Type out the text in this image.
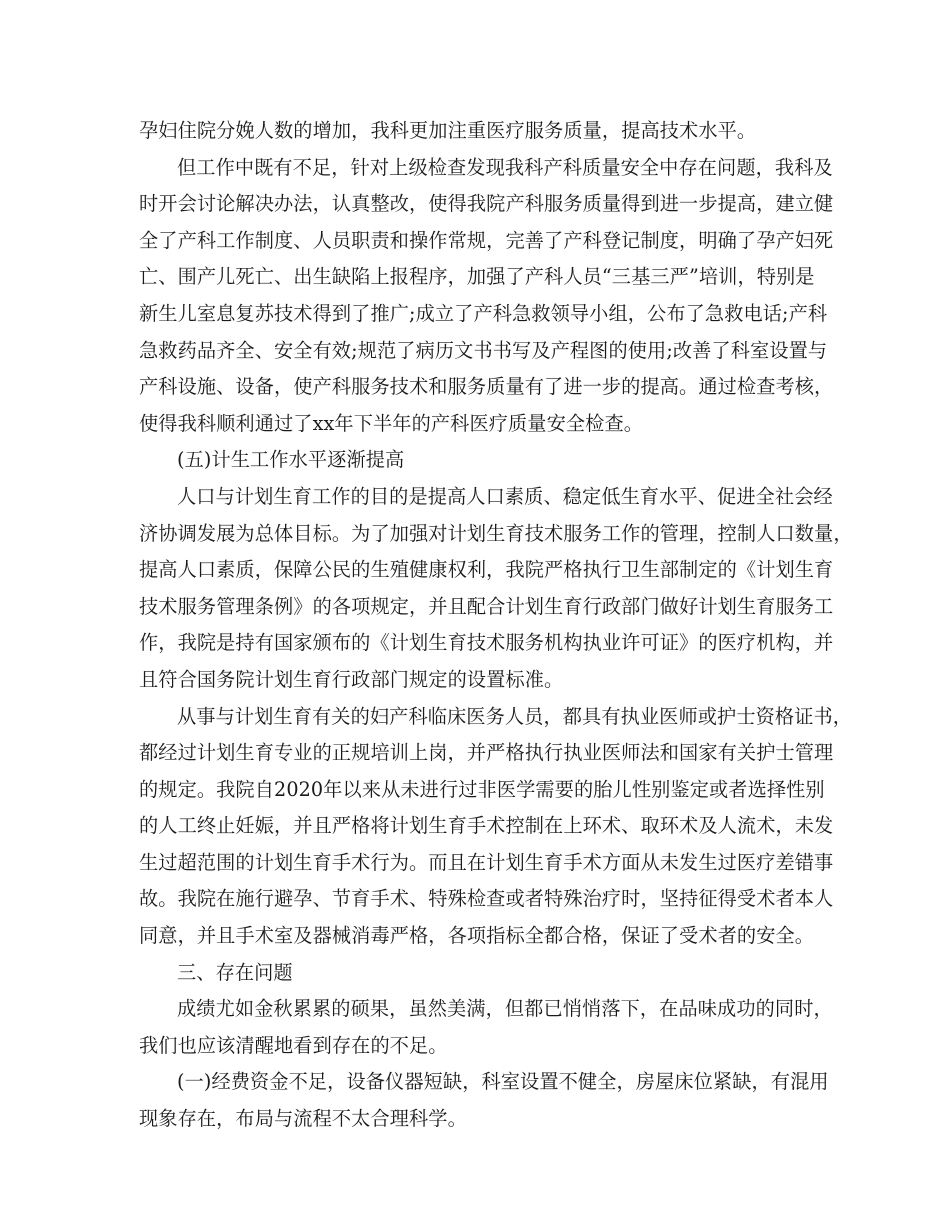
孕妇住院分娩人数的增加，我科更加注重医疗服务质量，提高技术水平。
但工作中既有不足，针对上级检查发现我科产科质量安全中存在问题，我科及
时开会讨论解决办法，认真整改，使得我院产科服务质量得到进一步提高，建立健
全了产科工作制度、人员职责和操作常规，完善了产科登记制度，明确了孕产妇死
亡、围产儿死亡、出生缺陷上报程序，加强了产科人员“三基三严”培训，特别是
新生儿室息复苏技术得到了推广;成立了产科急救领导小组，公布了急救电话;产科
急救药品齐全、安全有效;规范了病历文书书写及产程图的使用;改善了科室设置与
产科设施、设备，使产科服务技术和服务质量有了进一步的提高。通过检查考核，
使得我科顺利通过了xx年下半年的产科医疗质量安全检查。
(五)计生工作水平逐渐提高
人口与计划生育工作的目的是提高人口素质、稳定低生育水平、促进全社会经
济协调发展为总体目标。为了加强对计划生育技术服务工作的管理，控制人口数量，
提高人口素质，保障公民的生殖健康权利，我院严格执行卫生部制定的《计划生育
技术服务管理条例》的各项规定，并且配合计划生育行政部门做好计划生育服务工
作，我院是持有国家颁布的《计划生育技术服务机构执业许可证》的医疗机构，并
且符合国务院计划生育行政部门规定的设置标准。
从事与计划生育有关的妇产科临床医务人员，都具有执业医师或护士资格证书，
都经过计划生育专业的正规培训上岗，并严格执行执业医师法和国家有关护士管理
的规定。我院自2020年以来从未进行过非医学需要的胎儿性别鉴定或者选择性别
的人工终止妊娠，并且严格将计划生育手术控制在上环术、取环术及人流术，未发
生过超范围的计划生育手术行为。而且在计划生育手术方面从未发生过医疗差错事
故。我院在施行避孕、节育手术、特殊检查或者特殊治疗时，坚持征得受术者本人
同意，并且手术室及器械消毒严格，各项指标全都合格，保证了受术者的安全。
三、存在问题
成绩尤如金秋累累的硕果，虽然美满，但都已悄悄落下，在品味成功的同时，
我们也应该清醒地看到存在的不足。
(一)经费资金不足，设备仪器短缺，科室设置不健全，房屋床位紧缺，有混用
现象存在，布局与流程不太合理科学。
